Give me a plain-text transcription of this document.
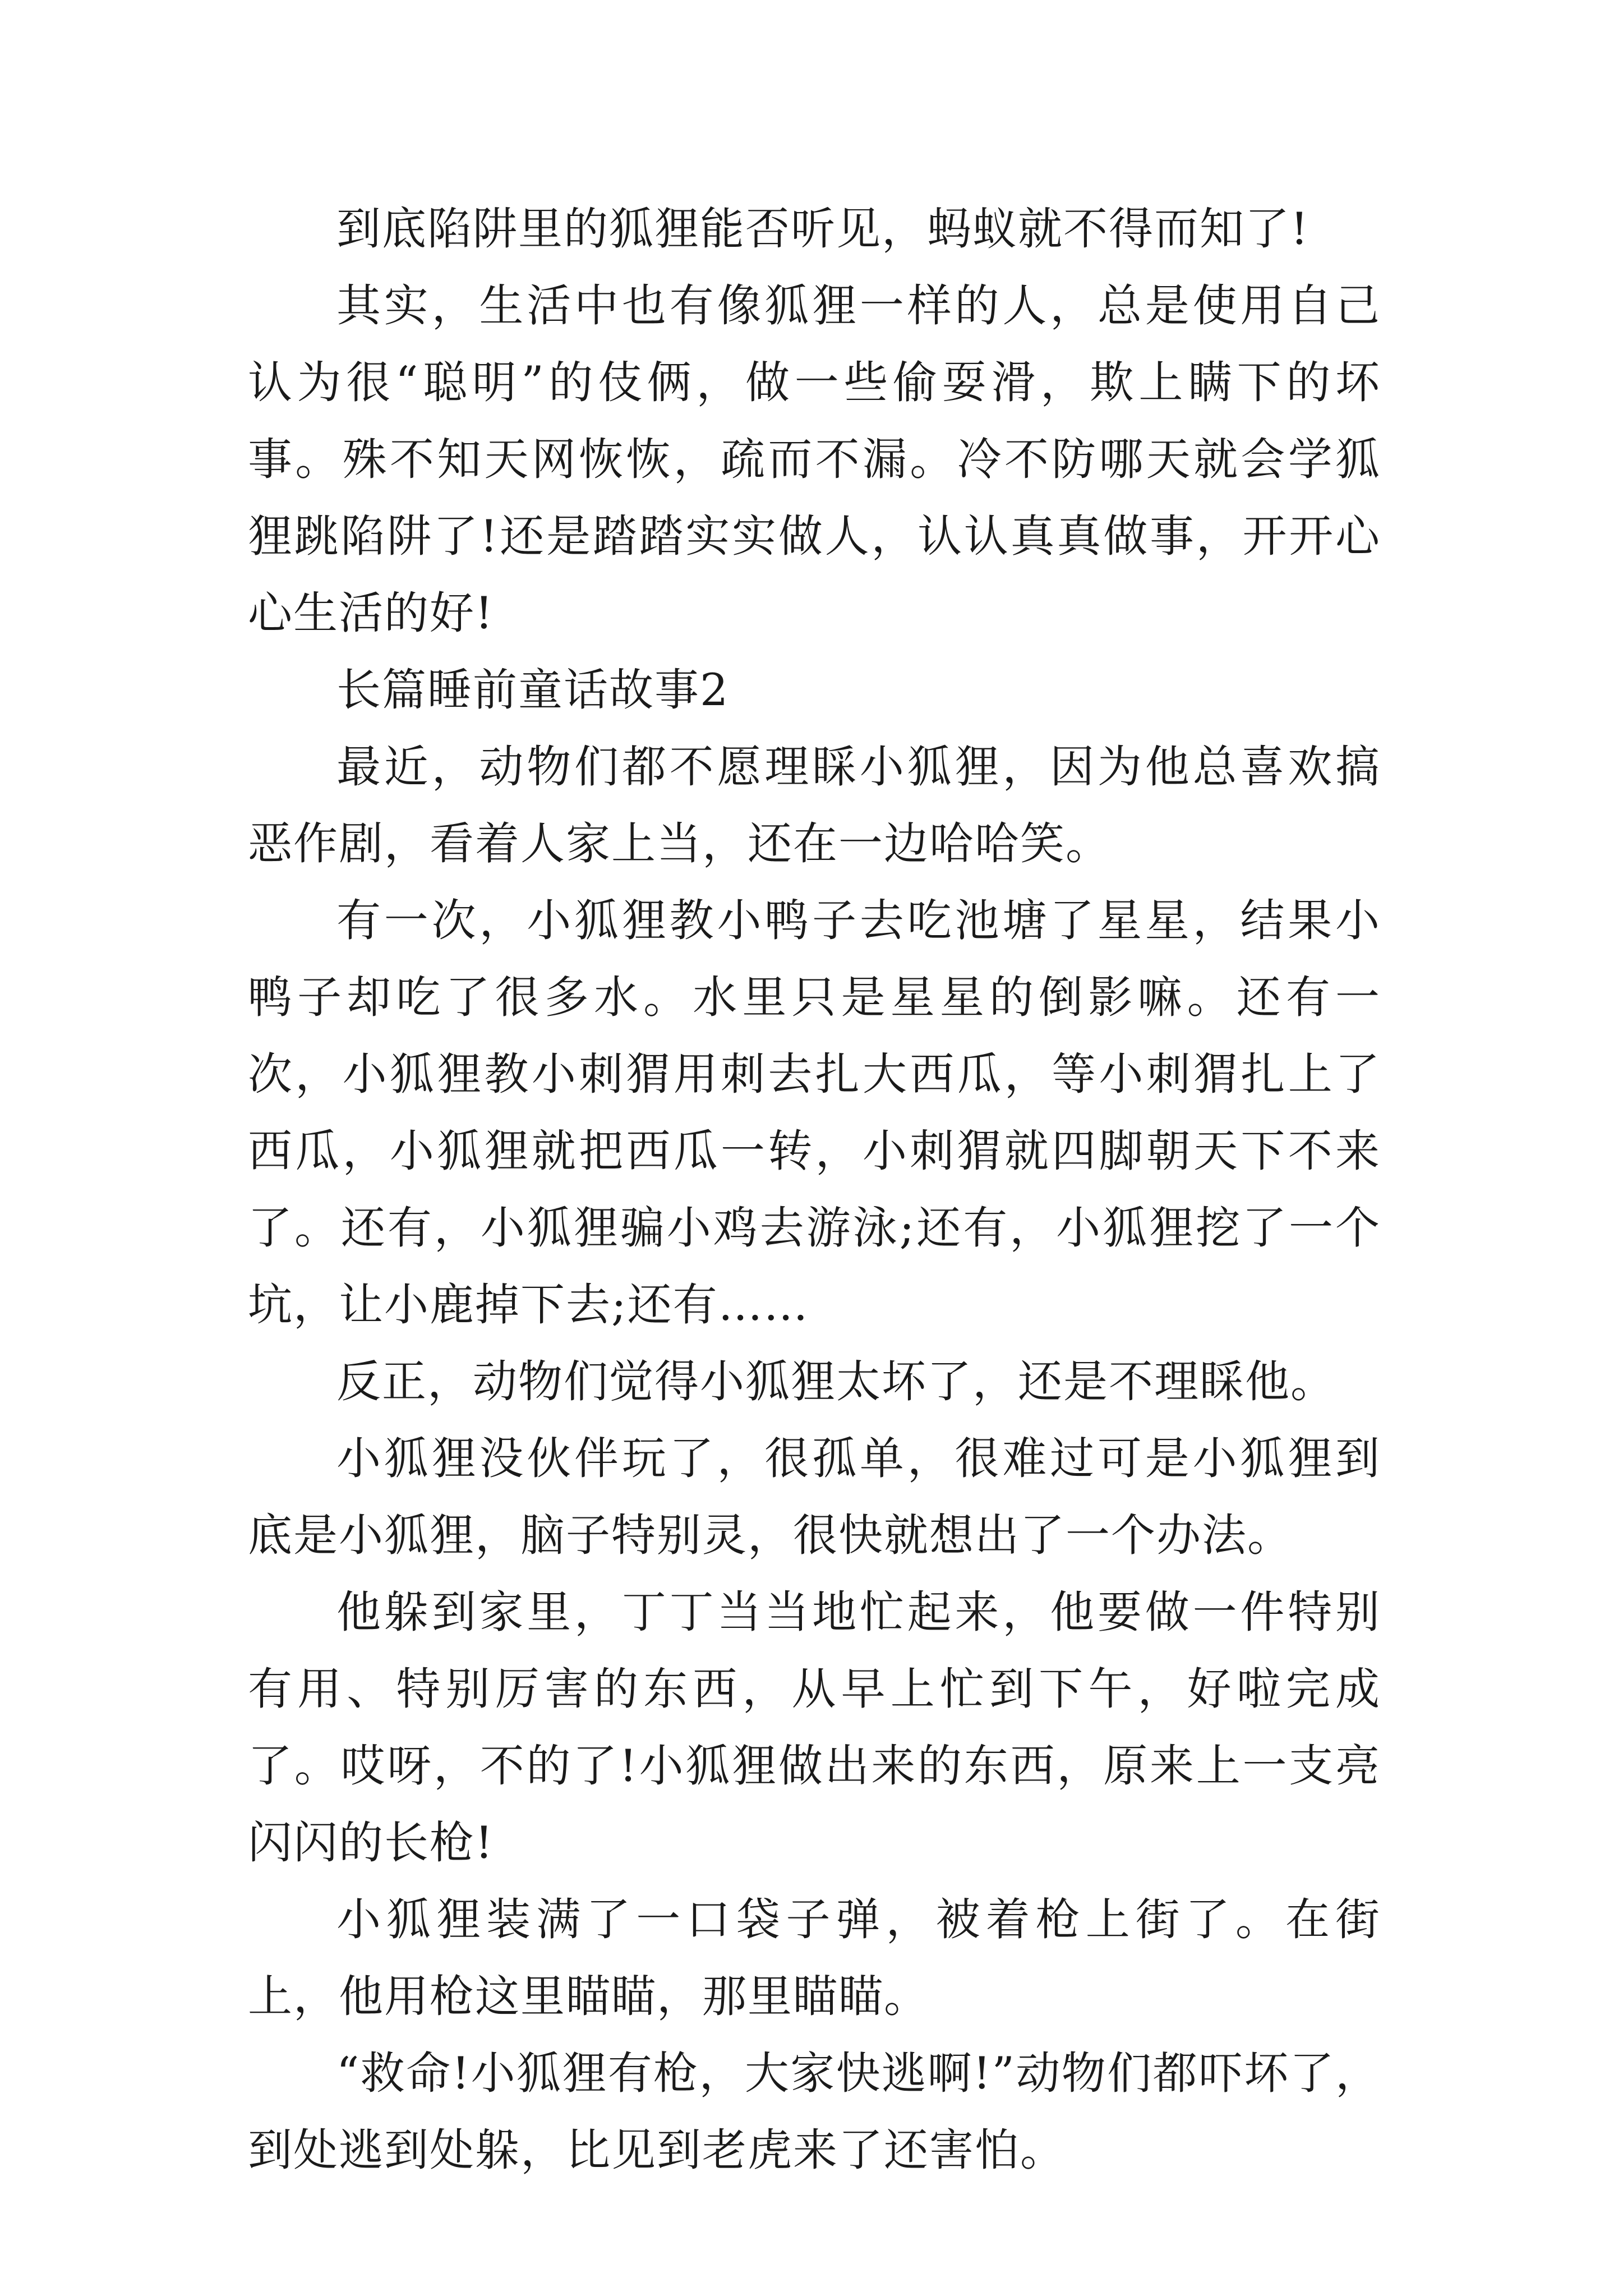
到底陷阱里的狐狸能否听见，蚂蚁就不得而知了!

其实，生活中也有像狐狸一样的人，总是使用自己认为很“聪明”的伎俩，做一些偷耍滑，欺上瞒下的坏事。殊不知天网恢恢，疏而不漏。冷不防哪天就会学狐狸跳陷阱了!还是踏踏实实做人，认认真真做事，开开心心生活的好!

长篇睡前童话故事2

最近，动物们都不愿理睬小狐狸，因为他总喜欢搞恶作剧，看着人家上当，还在一边哈哈笑。

有一次，小狐狸教小鸭子去吃池塘了星星，结果小鸭子却吃了很多水。水里只是星星的倒影嘛。还有一次，小狐狸教小刺猬用刺去扎大西瓜，等小刺猬扎上了西瓜，小狐狸就把西瓜一转，小刺猬就四脚朝天下不来了。还有，小狐狸骗小鸡去游泳;还有，小狐狸挖了一个坑，让小鹿掉下去;还有……

反正，动物们觉得小狐狸太坏了，还是不理睬他。

小狐狸没伙伴玩了，很孤单，很难过可是小狐狸到底是小狐狸，脑子特别灵，很快就想出了一个办法。

他躲到家里，丁丁当当地忙起来，他要做一件特别有用、特别厉害的东西，从早上忙到下午，好啦完成了。哎呀，不的了!小狐狸做出来的东西，原来上一支亮闪闪的长枪!

小狐狸装满了一口袋子弹，被着枪上街了。在街上，他用枪这里瞄瞄，那里瞄瞄。

“救命!小狐狸有枪，大家快逃啊!”动物们都吓坏了，到处逃到处躲，比见到老虎来了还害怕。
